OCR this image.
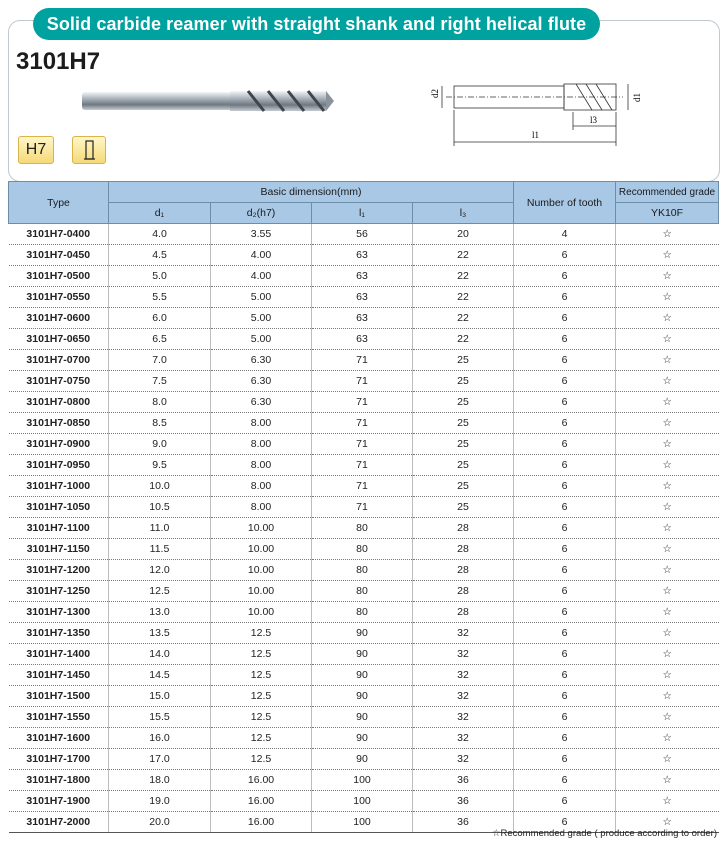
Solid carbide reamer with straight shank and right helical flute
3101H7
d2	d1
l1
l3
H7
Type	Basic dimension(mm)				Number of tooth	Recommended grade
	d₁	d₂(h7)	l₁	l₃		YK10F
3101H7-0400	4.0	3.55	56	20	4	☆
3101H7-0450	4.5	4.00	63	22	6	☆
3101H7-0500	5.0	4.00	63	22	6	☆
3101H7-0550	5.5	5.00	63	22	6	☆
3101H7-0600	6.0	5.00	63	22	6	☆
3101H7-0650	6.5	5.00	63	22	6	☆
3101H7-0700	7.0	6.30	71	25	6	☆
3101H7-0750	7.5	6.30	71	25	6	☆
3101H7-0800	8.0	6.30	71	25	6	☆
3101H7-0850	8.5	8.00	71	25	6	☆
3101H7-0900	9.0	8.00	71	25	6	☆
3101H7-0950	9.5	8.00	71	25	6	☆
3101H7-1000	10.0	8.00	71	25	6	☆
3101H7-1050	10.5	8.00	71	25	6	☆
3101H7-1100	11.0	10.00	80	28	6	☆
3101H7-1150	11.5	10.00	80	28	6	☆
3101H7-1200	12.0	10.00	80	28	6	☆
3101H7-1250	12.5	10.00	80	28	6	☆
3101H7-1300	13.0	10.00	80	28	6	☆
3101H7-1350	13.5	12.5	90	32	6	☆
3101H7-1400	14.0	12.5	90	32	6	☆
3101H7-1450	14.5	12.5	90	32	6	☆
3101H7-1500	15.0	12.5	90	32	6	☆
3101H7-1550	15.5	12.5	90	32	6	☆
3101H7-1600	16.0	12.5	90	32	6	☆
3101H7-1700	17.0	12.5	90	32	6	☆
3101H7-1800	18.0	16.00	100	36	6	☆
3101H7-1900	19.0	16.00	100	36	6	☆
3101H7-2000	20.0	16.00	100	36	6	☆
☆Recommended grade ( produce according to order)
